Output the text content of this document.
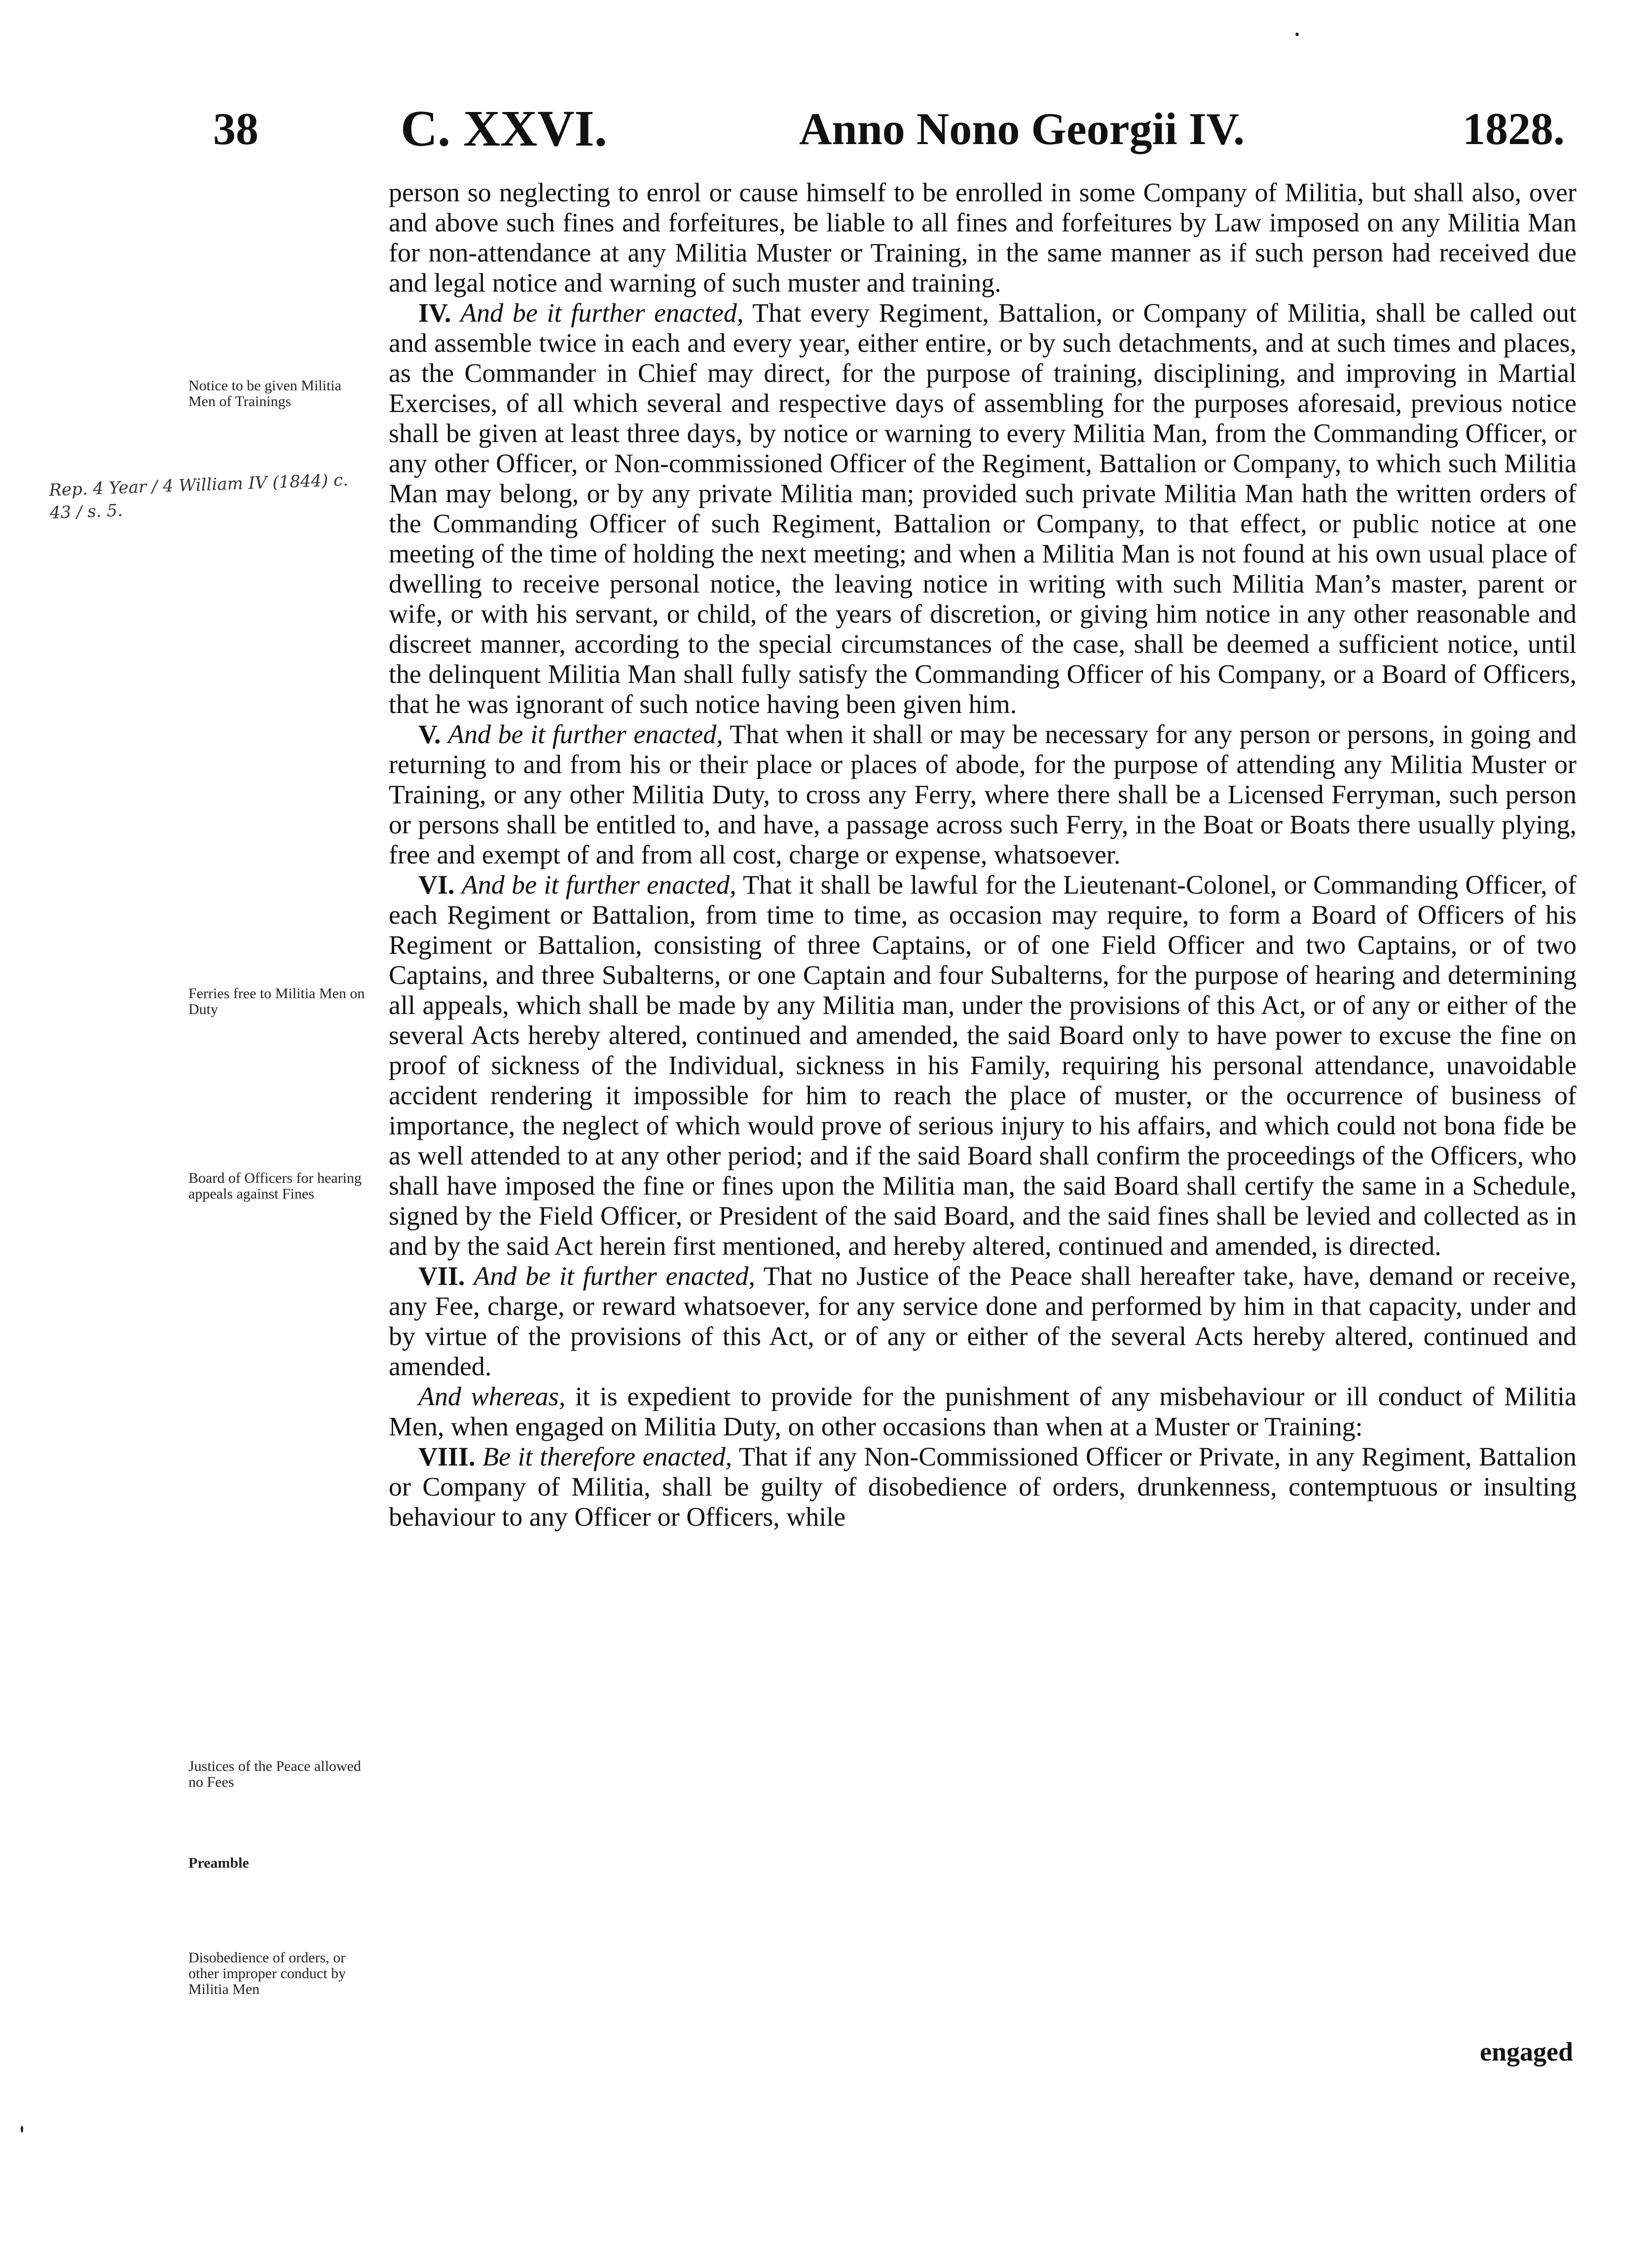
38	C. XXVI.	Anno Nono Georgii IV.	1828.
Notice to be given Militia Men of Trainings
Rep. 4 Year / 4 William IV (1844) c. 43 / s. 5.
Ferries free to Militia Men on Duty
Board of Officers for hearing appeals against Fines
Justices of the Peace allowed no Fees
Preamble
Disobedience of orders, or other improper conduct by Militia Men

person so neglecting to enrol or cause himself to be enrolled in some Company of Militia, but shall also, over and above such fines and forfeitures, be liable to all fines and forfeitures by Law imposed on any Militia Man for non-attendance at any Militia Muster or Training, in the same manner as if such person had received due and legal notice and warning of such muster and training.

IV. And be it further enacted, That every Regiment, Battalion, or Company of Militia, shall be called out and assemble twice in each and every year, either entire, or by such detachments, and at such times and places, as the Commander in Chief may direct, for the purpose of training, disciplining, and improving in Martial Exercises, of all which several and respective days of assembling for the purposes aforesaid, previous notice shall be given at least three days, by notice or warning to every Militia Man, from the Commanding Officer, or any other Officer, or Non-commissioned Officer of the Regiment, Battalion or Company, to which such Militia Man may belong, or by any private Militia man; provided such private Militia Man hath the written orders of the Commanding Officer of such Regiment, Battalion or Company, to that effect, or public notice at one meeting of the time of holding the next meeting; and when a Militia Man is not found at his own usual place of dwelling to receive personal notice, the leaving notice in writing with such Militia Man’s master, parent or wife, or with his servant, or child, of the years of discretion, or giving him notice in any other reasonable and discreet manner, according to the special circumstances of the case, shall be deemed a sufficient notice, until the delinquent Militia Man shall fully satisfy the Commanding Officer of his Company, or a Board of Officers, that he was ignorant of such notice having been given him.

V. And be it further enacted, That when it shall or may be necessary for any person or persons, in going and returning to and from his or their place or places of abode, for the purpose of attending any Militia Muster or Training, or any other Militia Duty, to cross any Ferry, where there shall be a Licensed Ferryman, such person or persons shall be entitled to, and have, a passage across such Ferry, in the Boat or Boats there usually plying, free and exempt of and from all cost, charge or expense, whatsoever.

VI. And be it further enacted, That it shall be lawful for the Lieutenant-Colonel, or Commanding Officer, of each Regiment or Battalion, from time to time, as occasion may require, to form a Board of Officers of his Regiment or Battalion, consisting of three Captains, or of one Field Officer and two Captains, or of two Captains, and three Subalterns, or one Captain and four Subalterns, for the purpose of hearing and determining all appeals, which shall be made by any Militia man, under the provisions of this Act, or of any or either of the several Acts hereby altered, continued and amended, the said Board only to have power to excuse the fine on proof of sickness of the Individual, sickness in his Family, requiring his personal attendance, unavoidable accident rendering it impossible for him to reach the place of muster, or the occurrence of business of importance, the neglect of which would prove of serious injury to his affairs, and which could not bona fide be as well attended to at any other period; and if the said Board shall confirm the proceedings of the Officers, who shall have imposed the fine or fines upon the Militia man, the said Board shall certify the same in a Schedule, signed by the Field Officer, or President of the said Board, and the said fines shall be levied and collected as in and by the said Act herein first mentioned, and hereby altered, continued and amended, is directed.

VII. And be it further enacted, That no Justice of the Peace shall hereafter take, have, demand or receive, any Fee, charge, or reward whatsoever, for any service done and performed by him in that capacity, under and by virtue of the provisions of this Act, or of any or either of the several Acts hereby altered, continued and amended.

And whereas, it is expedient to provide for the punishment of any misbehaviour or ill conduct of Militia Men, when engaged on Militia Duty, on other occasions than when at a Muster or Training:

VIII. Be it therefore enacted, That if any Non-Commissioned Officer or Private, in any Regiment, Battalion or Company of Militia, shall be guilty of disobedience of orders, drunkenness, contemptuous or insulting behaviour to any Officer or Officers, while

engaged
